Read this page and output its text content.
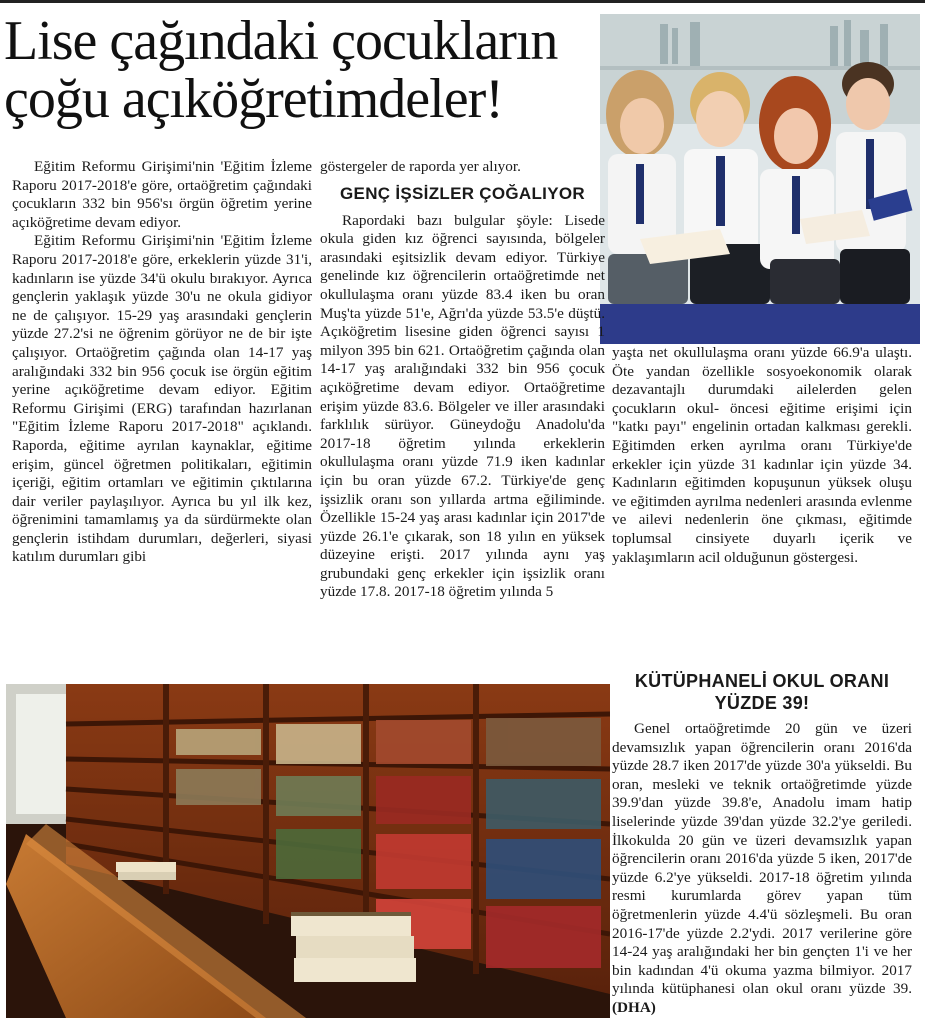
Lise çağındaki çocukların çoğu açıköğretimdeler!

Eğitim Reformu Girişimi'nin 'Eğitim İzleme Raporu 2017-2018'e göre, ortaöğretim çağındaki çocukların 332 bin 956'sı örgün öğretim yerine açıköğretime devam ediyor.

Eğitim Reformu Girişimi'nin 'Eğitim İzleme Raporu 2017-2018'e göre, erkeklerin yüzde 31'i, kadınların ise yüzde 34'ü okulu bırakıyor. Ayrıca gençlerin yaklaşık yüzde 30'u ne okula gidiyor ne de çalışıyor. 15-29 yaş arasındaki gençlerin yüzde 27.2'si ne öğrenim görüyor ne de bir işte çalışıyor. Ortaöğretim çağında olan 14-17 yaş aralığındaki 332 bin 956 çocuk ise örgün eğitim yerine açıköğretime devam ediyor. Eğitim Reformu Girişimi (ERG) tarafından hazırlanan "Eğitim İzleme Raporu 2017-2018" açıklandı. Raporda, eğitime ayrılan kaynaklar, eğitime erişim, güncel öğretmen politikaları, eğitimin içeriği, eğitim ortamları ve eğitimin çıktılarına dair veriler paylaşılıyor. Ayrıca bu yıl ilk kez, öğrenimini tamamlamış ya da sürdürmekte olan gençlerin istihdam durumları, değerleri, siyasi katılım durumları gibi

göstergeler de raporda yer alıyor.

GENÇ İŞSİZLER ÇOĞALIYOR

Rapordaki bazı bulgular şöyle: Lisede okula giden kız öğrenci sayısında, bölgeler arasındaki eşitsizlik devam ediyor. Türkiye genelinde kız öğrencilerin ortaöğretimde net okullulaşma oranı yüzde 83.4 iken bu oran Muş'ta yüzde 51'e, Ağrı'da yüzde 53.5'e düştü. Açıköğretim lisesine giden öğrenci sayısı 1 milyon 395 bin 621. Ortaöğretim çağında olan 14-17 yaş aralığındaki 332 bin 956 çocuk açıköğretime devam ediyor. Ortaöğretime erişim yüzde 83.6. Bölgeler ve iller arasındaki farklılık sürüyor. Güneydoğu Anadolu'da 2017-18 öğretim yılında erkeklerin okullulaşma oranı yüzde 71.9 iken kadınlar için bu oran yüzde 67.2. Türkiye'de genç işsizlik oranı son yıllarda artma eğiliminde. Özellikle 15-24 yaş arası kadınlar için 2017'de yüzde 26.1'e çıkarak, son 18 yılın en yüksek düzeyine erişti. 2017 yılında aynı yaş grubundaki genç erkekler için işsizlik oranı yüzde 17.8. 2017-18 öğretim yılında 5

yaşta net okullulaşma oranı yüzde 66.9'a ulaştı. Öte yandan özellikle sosyoekonomik olarak dezavantajlı durumdaki ailelerden gelen çocukların okul- öncesi eğitime erişimi için "katkı payı" engelinin ortadan kalkması gerekli. Eğitimden erken ayrılma oranı Türkiye'de erkekler için yüzde 31 kadınlar için yüzde 34. Kadınların eğitimden kopuşunun yüksek oluşu ve eğitimden ayrılma nedenleri arasında evlenme ve ailevi nedenlerin öne çıkması, eğitimde toplumsal cinsiyete duyarlı içerik ve yaklaşımların acil olduğunun göstergesi.

KÜTÜPHANELİ OKUL ORANI YÜZDE 39!

Genel ortaöğretimde 20 gün ve üzeri devamsızlık yapan öğrencilerin oranı 2016'da yüzde 28.7 iken 2017'de yüzde 30'a yükseldi. Bu oran, mesleki ve teknik ortaöğretimde yüzde 39.9'dan yüzde 39.8'e, Anadolu imam hatip liselerinde yüzde 39'dan yüzde 32.2'ye geriledi. İlkokulda 20 gün ve üzeri devamsızlık yapan öğrencilerin oranı 2016'da yüzde 5 iken, 2017'de yüzde 6.2'ye yükseldi. 2017-18 öğretim yılında resmi kurumlarda görev yapan tüm öğretmenlerin yüzde 4.4'ü sözleşmeli. Bu oran 2016-17'de yüzde 2.2'ydi. 2017 verilerine göre 14-24 yaş aralığındaki her bin gençten 1'i ve her bin kadından 4'ü okuma yazma bilmiyor. 2017 yılında kütüphanesi olan okul oranı yüzde 39. (DHA)
